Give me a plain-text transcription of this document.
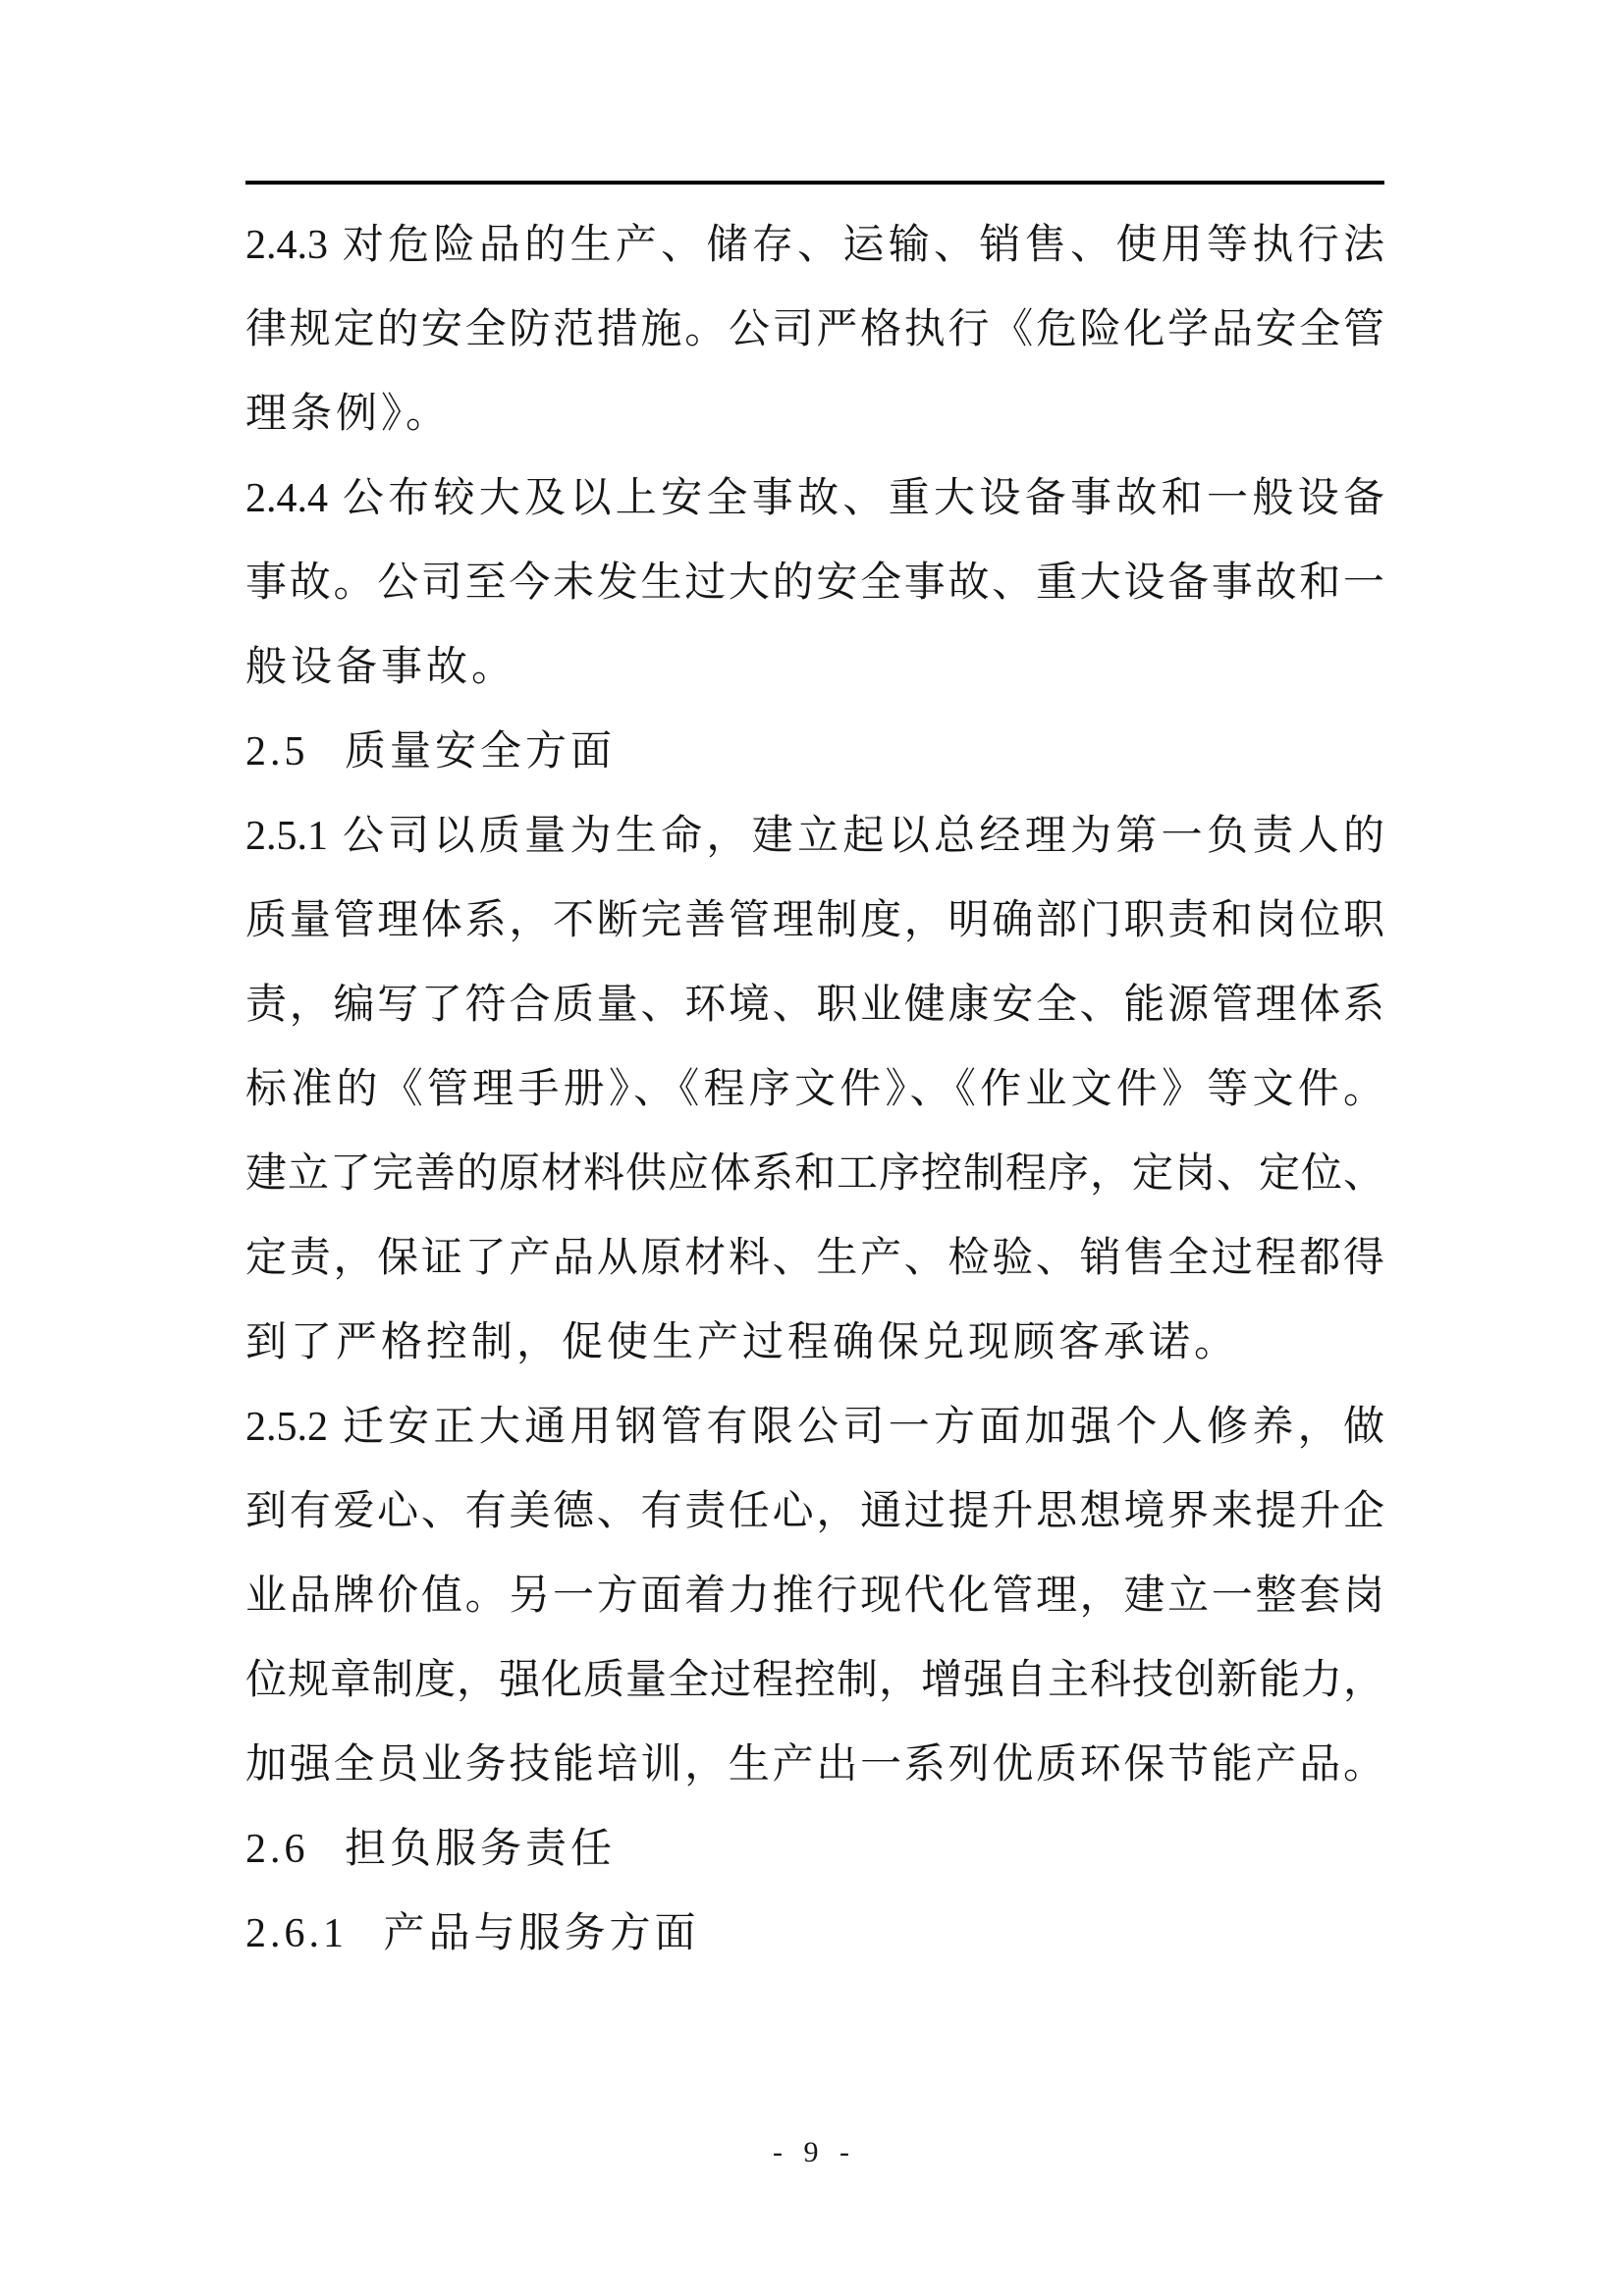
2.4.3 对危险品的生产、储存、运输、销售、使用等执行法
律规定的安全防范措施。公司严格执行《危险化学品安全管
理条例》。
2.4.4 公布较大及以上安全事故、重大设备事故和一般设备
事故。公司至今未发生过大的安全事故、重大设备事故和一
般设备事故。
2.5 质量安全方面
2.5.1 公司以质量为生命，建立起以总经理为第一负责人的
质量管理体系，不断完善管理制度，明确部门职责和岗位职
责，编写了符合质量、环境、职业健康安全、能源管理体系
标准的《管理手册》、《程序文件》、《作业文件》等文件。
建立了完善的原材料供应体系和工序控制程序，定岗、定位、
定责，保证了产品从原材料、生产、检验、销售全过程都得
到了严格控制，促使生产过程确保兑现顾客承诺。
2.5.2 迁安正大通用钢管有限公司一方面加强个人修养，做
到有爱心、有美德、有责任心，通过提升思想境界来提升企
业品牌价值。另一方面着力推行现代化管理，建立一整套岗
位规章制度，强化质量全过程控制，增强自主科技创新能力，
加强全员业务技能培训，生产出一系列优质环保节能产品。
2.6 担负服务责任
2.6.1 产品与服务方面
- 9 -
